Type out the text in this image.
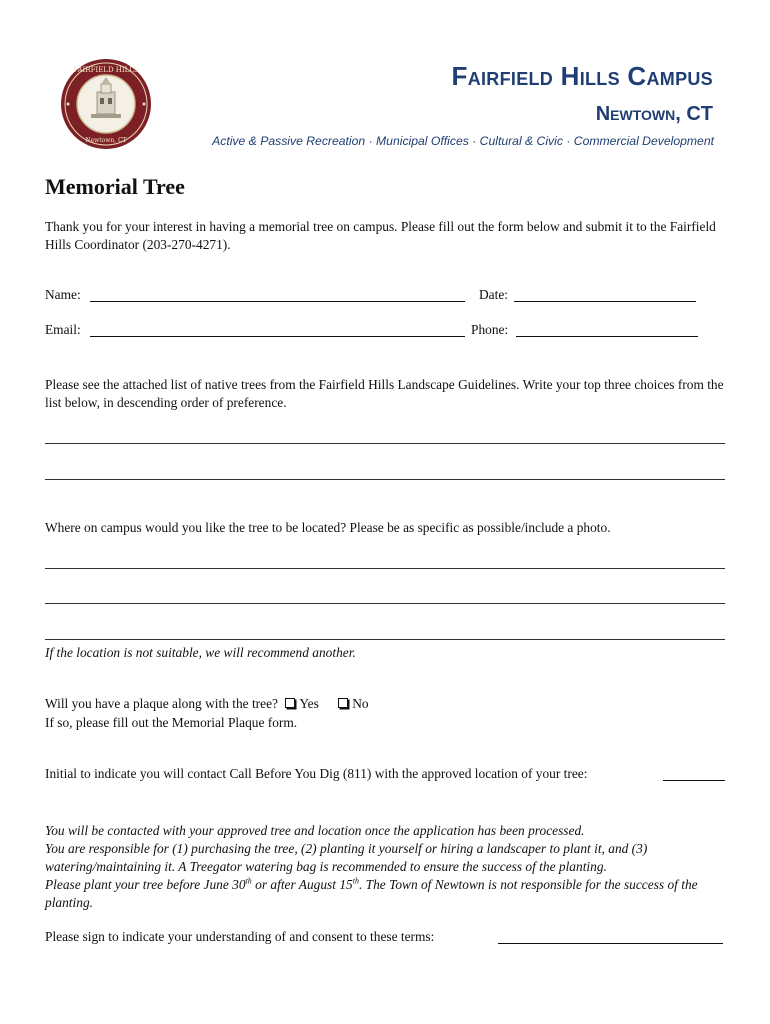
FAIRFIELD HILLS
Newtown, CT
Fairfield Hills Campus
Newtown, CT
Active & Passive Recreation · Municipal Offices · Cultural & Civic · Commercial Development
Memorial Tree

Thank you for your interest in having a memorial tree on campus. Please fill out the form below and submit it to the Fairfield Hills Coordinator (203-270-4271).

Name:	Date:
Email:	Phone:

Please see the attached list of native trees from the Fairfield Hills Landscape Guidelines. Write your top three choices from the list below, in descending order of preference.

Where on campus would you like the tree to be located? Please be as specific as possible/include a photo.

If the location is not suitable, we will recommend another.

Will you have a plaque along with the tree? Yes No

If so, please fill out the Memorial Plaque form.

Initial to indicate you will contact Call Before You Dig (811) with the approved location of your tree:

You will be contacted with your approved tree and location once the application has been processed.

You are responsible for (1) purchasing the tree, (2) planting it yourself or hiring a landscaper to plant it, and (3) watering/maintaining it. A Treegator watering bag is recommended to ensure the success of the planting.

Please plant your tree before June 30th or after August 15th. The Town of Newtown is not responsible for the success of the planting.

Please sign to indicate your understanding of and consent to these terms:
